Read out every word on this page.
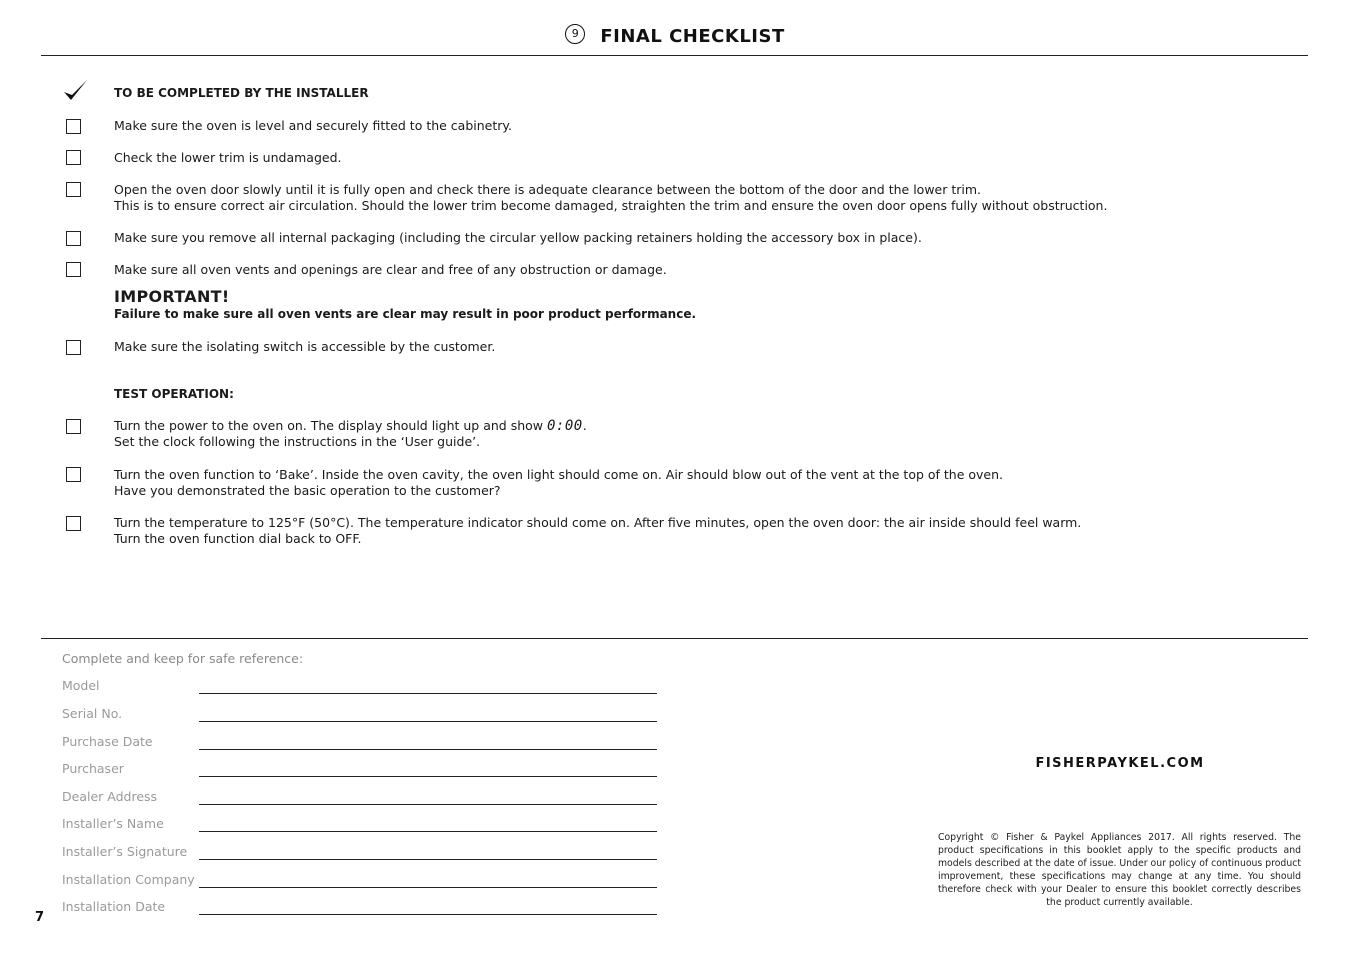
9 FINAL CHECKLIST
TO BE COMPLETED BY THE INSTALLER
Make sure the oven is level and securely fitted to the cabinetry.
Check the lower trim is undamaged.
Open the oven door slowly until it is fully open and check there is adequate clearance between the bottom of the door and the lower trim.
This is to ensure correct air circulation. Should the lower trim become damaged, straighten the trim and ensure the oven door opens fully without obstruction.
Make sure you remove all internal packaging (including the circular yellow packing retainers holding the accessory box in place).
Make sure all oven vents and openings are clear and free of any obstruction or damage.
IMPORTANT!
Failure to make sure all oven vents are clear may result in poor product performance.
Make sure the isolating switch is accessible by the customer.
TEST OPERATION:
Turn the power to the oven on. The display should light up and show 0:00.
Set the clock following the instructions in the ‘User guide’.
Turn the oven function to ‘Bake’. Inside the oven cavity, the oven light should come on. Air should blow out of the vent at the top of the oven.
Have you demonstrated the basic operation to the customer?
Turn the temperature to 125°F (50°C). The temperature indicator should come on. After five minutes, open the oven door: the air inside should feel warm.
Turn the oven function dial back to OFF.
Complete and keep for safe reference:
Model
Serial No.
Purchase Date
Purchaser
Dealer Address
Installer’s Name
Installer’s Signature
Installation Company
Installation Date
FISHERPAYKEL.COM
Copyright © Fisher & Paykel Appliances 2017. All rights reserved. The product specifications in this booklet apply to the specific products and models described at the date of issue. Under our policy of continuous product improvement, these specifications may change at any time. You should therefore check with your Dealer to ensure this booklet correctly describes the product currently available.
7
